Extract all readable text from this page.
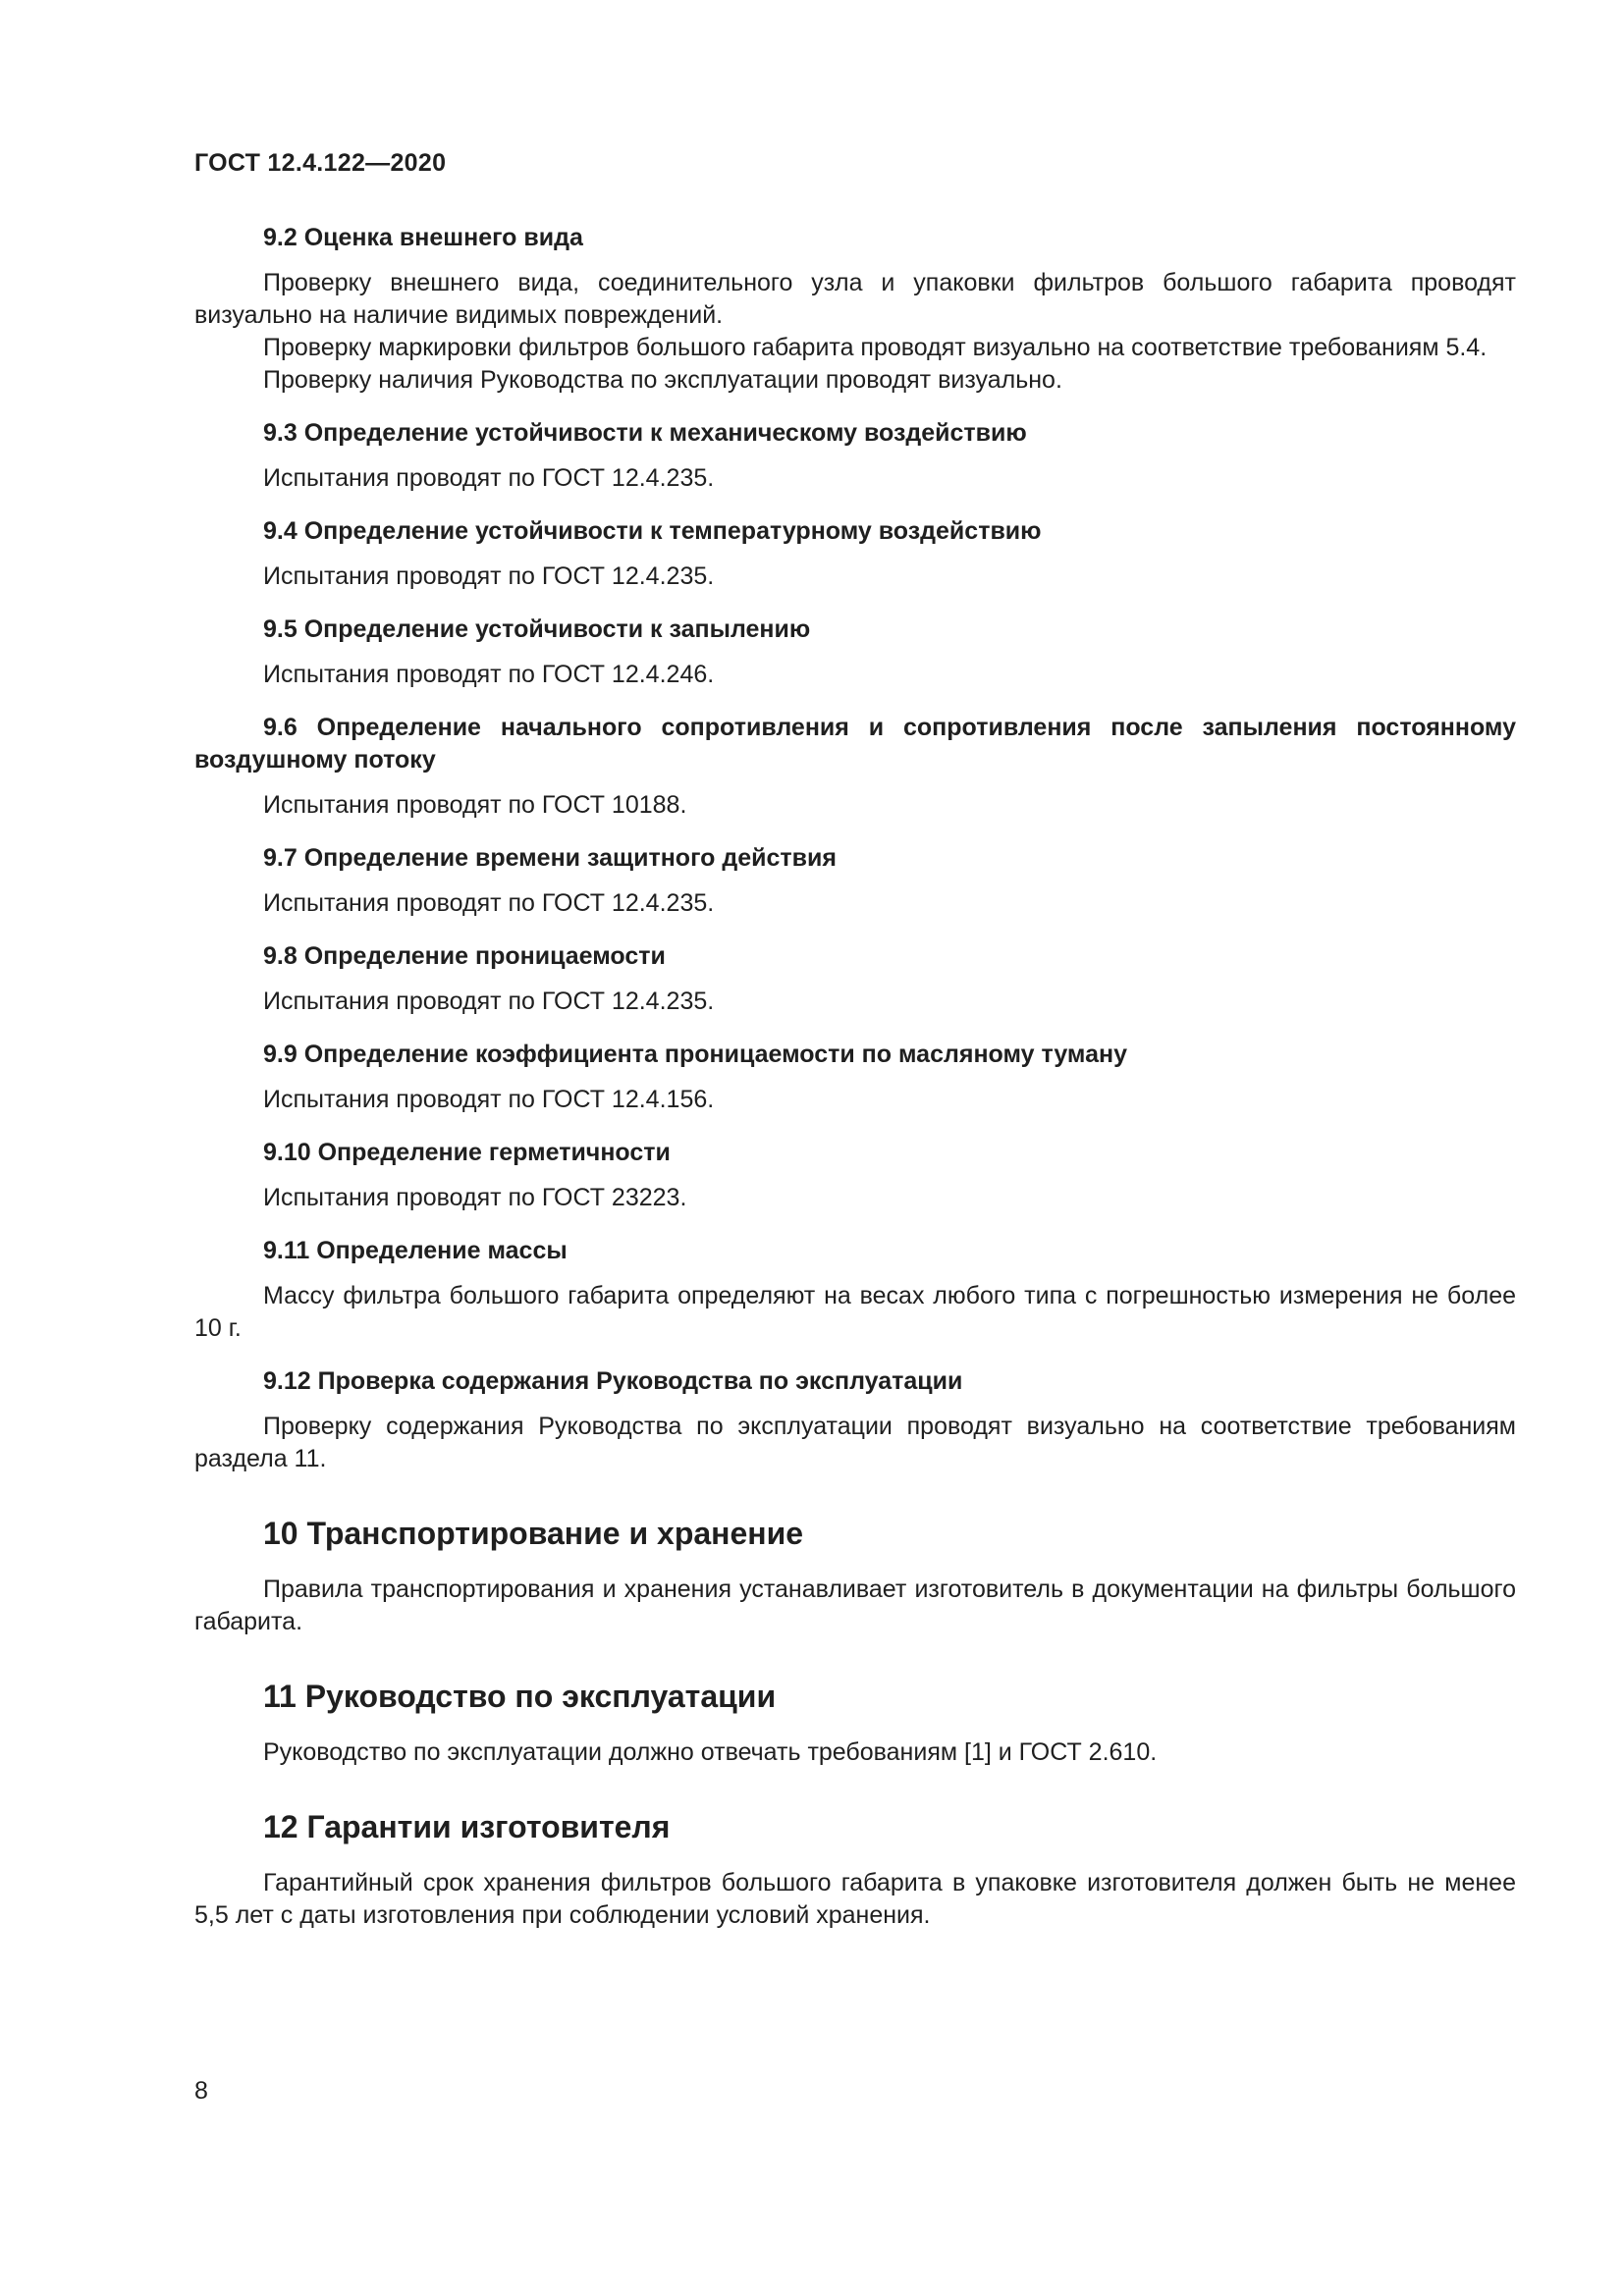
ГОСТ 12.4.122—2020

9.2 Оценка внешнего вида

Проверку внешнего вида, соединительного узла и упаковки фильтров большого габарита проводят визуально на наличие видимых повреждений.

Проверку маркировки фильтров большого габарита проводят визуально на соответствие требованиям 5.4.

Проверку наличия Руководства по эксплуатации проводят визуально.

9.3 Определение устойчивости к механическому воздействию

Испытания проводят по ГОСТ 12.4.235.

9.4 Определение устойчивости к температурному воздействию

Испытания проводят по ГОСТ 12.4.235.

9.5 Определение устойчивости к запылению

Испытания проводят по ГОСТ 12.4.246.

9.6 Определение начального сопротивления и сопротивления после запыления постоянному воздушному потоку

Испытания проводят по ГОСТ 10188.

9.7 Определение времени защитного действия

Испытания проводят по ГОСТ 12.4.235.

9.8 Определение проницаемости

Испытания проводят по ГОСТ 12.4.235.

9.9 Определение коэффициента проницаемости по масляному туману

Испытания проводят по ГОСТ 12.4.156.

9.10 Определение герметичности

Испытания проводят по ГОСТ 23223.

9.11 Определение массы

Массу фильтра большого габарита определяют на весах любого типа с погрешностью измерения не более 10 г.

9.12 Проверка содержания Руководства по эксплуатации

Проверку содержания Руководства по эксплуатации проводят визуально на соответствие требованиям раздела 11.

10 Транспортирование и хранение

Правила транспортирования и хранения устанавливает изготовитель в документации на фильтры большого габарита.

11 Руководство по эксплуатации

Руководство по эксплуатации должно отвечать требованиям [1] и ГОСТ 2.610.

12 Гарантии изготовителя

Гарантийный срок хранения фильтров большого габарита в упаковке изготовителя должен быть не менее 5,5 лет с даты изготовления при соблюдении условий хранения.

8
